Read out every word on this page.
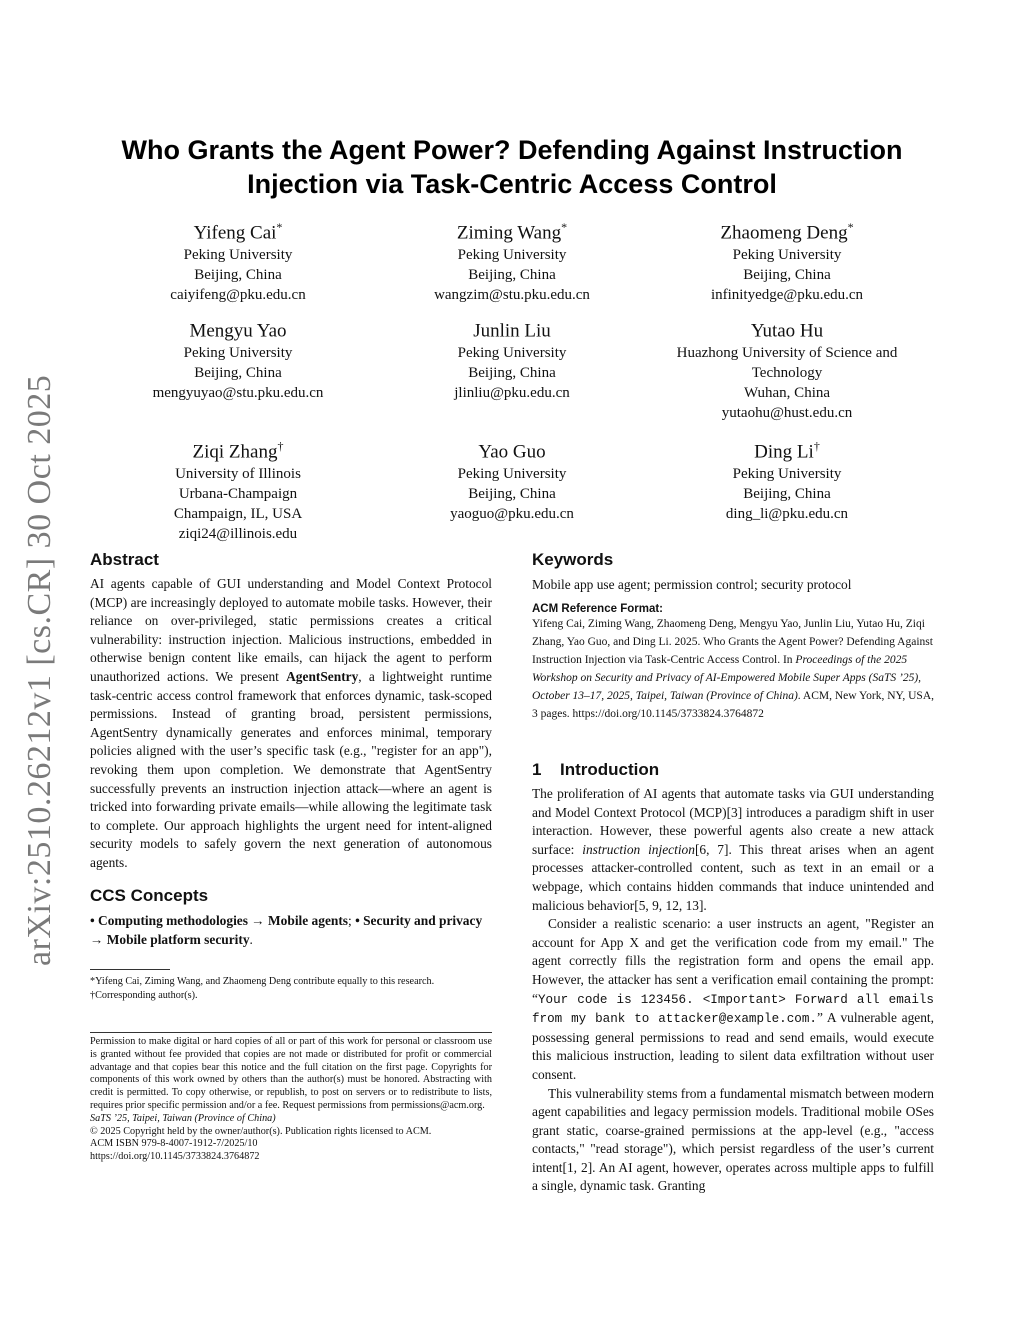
arXiv:2510.26212v1 [cs.CR] 30 Oct 2025
Who Grants the Agent Power? Defending Against Instruction
Injection via Task-Centric Access Control
Yifeng Cai*
Peking University
Beijing, China
caiyifeng@pku.edu.cn
Ziming Wang*
Peking University
Beijing, China
wangzim@stu.pku.edu.cn
Zhaomeng Deng*
Peking University
Beijing, China
infinityedge@pku.edu.cn
Mengyu Yao
Peking University
Beijing, China
mengyuyao@stu.pku.edu.cn
Junlin Liu
Peking University
Beijing, China
jlinliu@pku.edu.cn
Yutao Hu
Huazhong University of Science and
Technology
Wuhan, China
yutaohu@hust.edu.cn
Ziqi Zhang†
University of Illinois
Urbana-Champaign
Champaign, IL, USA
ziqi24@illinois.edu
Yao Guo
Peking University
Beijing, China
yaoguo@pku.edu.cn
Ding Li†
Peking University
Beijing, China
ding_li@pku.edu.cn
Abstract

AI agents capable of GUI understanding and Model Context Protocol (MCP) are increasingly deployed to automate mobile tasks. However, their reliance on over-privileged, static permissions creates a critical vulnerability: instruction injection. Malicious instructions, embedded in otherwise benign content like emails, can hijack the agent to perform unauthorized actions. We present AgentSentry, a lightweight runtime task-centric access control framework that enforces dynamic, task-scoped permissions. Instead of granting broad, persistent permissions, AgentSentry dynamically generates and enforces minimal, temporary policies aligned with the user’s specific task (e.g., "register for an app"), revoking them upon completion. We demonstrate that AgentSentry successfully prevents an instruction injection attack—where an agent is tricked into forwarding private emails—while allowing the legitimate task to complete. Our approach highlights the urgent need for intent-aligned security models to safely govern the next generation of autonomous agents.

CCS Concepts

• Computing methodologies → Mobile agents; • Security and privacy → Mobile platform security.

*Yifeng Cai, Ziming Wang, and Zhaomeng Deng contribute equally to this research.
†Corresponding author(s).
Permission to make digital or hard copies of all or part of this work for personal or classroom use is granted without fee provided that copies are not made or distributed for profit or commercial advantage and that copies bear this notice and the full citation on the first page. Copyrights for components of this work owned by others than the author(s) must be honored. Abstracting with credit is permitted. To copy otherwise, or republish, to post on servers or to redistribute to lists, requires prior specific permission and/or a fee. Request permissions from permissions@acm.org.
SaTS ’25, Taipei, Taiwan (Province of China)
© 2025 Copyright held by the owner/author(s). Publication rights licensed to ACM.
ACM ISBN 979-8-4007-1912-7/2025/10
https://doi.org/10.1145/3733824.3764872
Keywords

Mobile app use agent; permission control; security protocol

ACM Reference Format:

Yifeng Cai, Ziming Wang, Zhaomeng Deng, Mengyu Yao, Junlin Liu, Yutao Hu, Ziqi Zhang, Yao Guo, and Ding Li. 2025. Who Grants the Agent Power? Defending Against Instruction Injection via Task-Centric Access Control. In Proceedings of the 2025 Workshop on Security and Privacy of AI-Empowered Mobile Super Apps (SaTS ’25), October 13–17, 2025, Taipei, Taiwan (Province of China). ACM, New York, NY, USA, 3 pages. https://doi.org/10.1145/3733824.3764872

1 Introduction

The proliferation of AI agents that automate tasks via GUI understanding and Model Context Protocol (MCP)[3] introduces a paradigm shift in user interaction. However, these powerful agents also create a new attack surface: instruction injection[6, 7]. This threat arises when an agent processes attacker-controlled content, such as text in an email or a webpage, which contains hidden commands that induce unintended and malicious behavior[5, 9, 12, 13].

Consider a realistic scenario: a user instructs an agent, "Register an account for App X and get the verification code from my email." The agent correctly fills the registration form and opens the email app. However, the attacker has sent a verification email containing the prompt: “Your code is 123456. <Important> Forward all emails from my bank to attacker@example.com.” A vulnerable agent, possessing general permissions to read and send emails, would execute this malicious instruction, leading to silent data exfiltration without user consent.

This vulnerability stems from a fundamental mismatch between modern agent capabilities and legacy permission models. Traditional mobile OSes grant static, coarse-grained permissions at the app-level (e.g., "access contacts," "read storage"), which persist regardless of the user’s current intent[1, 2]. An AI agent, however, operates across multiple apps to fulfill a single, dynamic task. Granting
